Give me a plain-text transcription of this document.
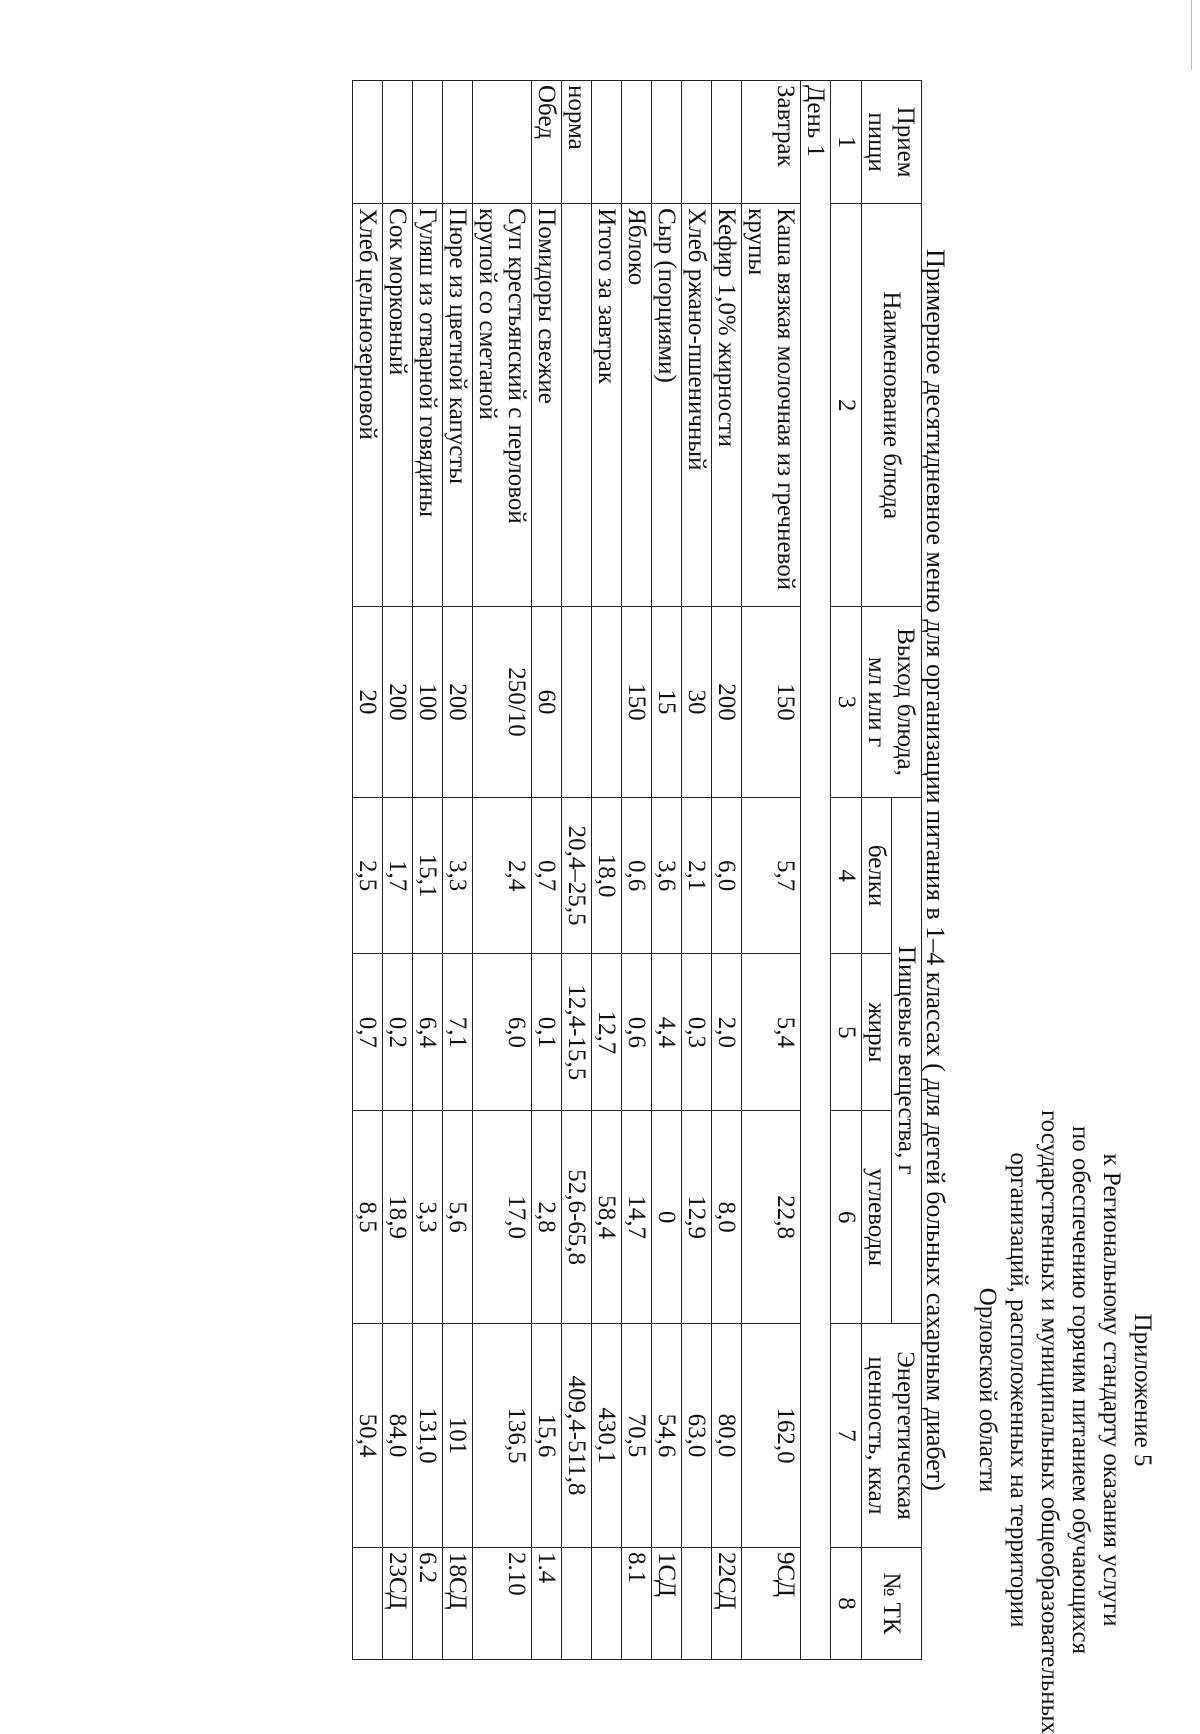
Приложение 5
к Региональному стандарту оказания услуги
по обеспечению горячим питанием обучающихся
государственных и муниципальных общеобразовательных
организаций, расположенных на территории
Орловской области
Примерное десятидневное меню для организации питания в 1–4 классах ( для детей больных сахарным диабет)
Прием пищи	Наименование блюда	Выход блюда, мл или г	Пищевые вещества, г			Энергетическая ценность, ккал	№ ТК
			белки	жиры	углеводы		
1	2	3	4	5	6	7	8
День 1							
Завтрак	Каша вязкая молочная из гречневой крупы	150	5,7	5,4	22,8	162,0	9СД
	Кефир 1,0% жирности	200	6,0	2,0	8,0	80,0	22СД
	Хлеб ржано-пшеничный	30	2,1	0,3	12,9	63,0	
	Сыр (порциями)	15	3,6	4,4	0	54,6	1СД
	Яблоко	150	0,6	0,6	14,7	70,5	8.1
	Итого за завтрак		18,0	12,7	58,4	430,1	
норма			20,4–25,5	12,4-15,5	52,6-65,8	409,4-511,8	
Обед	Помидоры свежие	60	0,7	0,1	2,8	15,6	1.4
	Суп крестьянский с перловой крупой со сметаной	250/10	2,4	6,0	17,0	136,5	2.10
	Пюре из цветной капусты	200	3,3	7,1	5,6	101	18СД
	Гуляш из отварной говядины	100	15,1	6,4	3,3	131,0	6.2
	Сок морковный	200	1,7	0,2	18,9	84,0	23СД
	Хлеб цельнозерновой	20	2,5	0,7	8,5	50,4	
